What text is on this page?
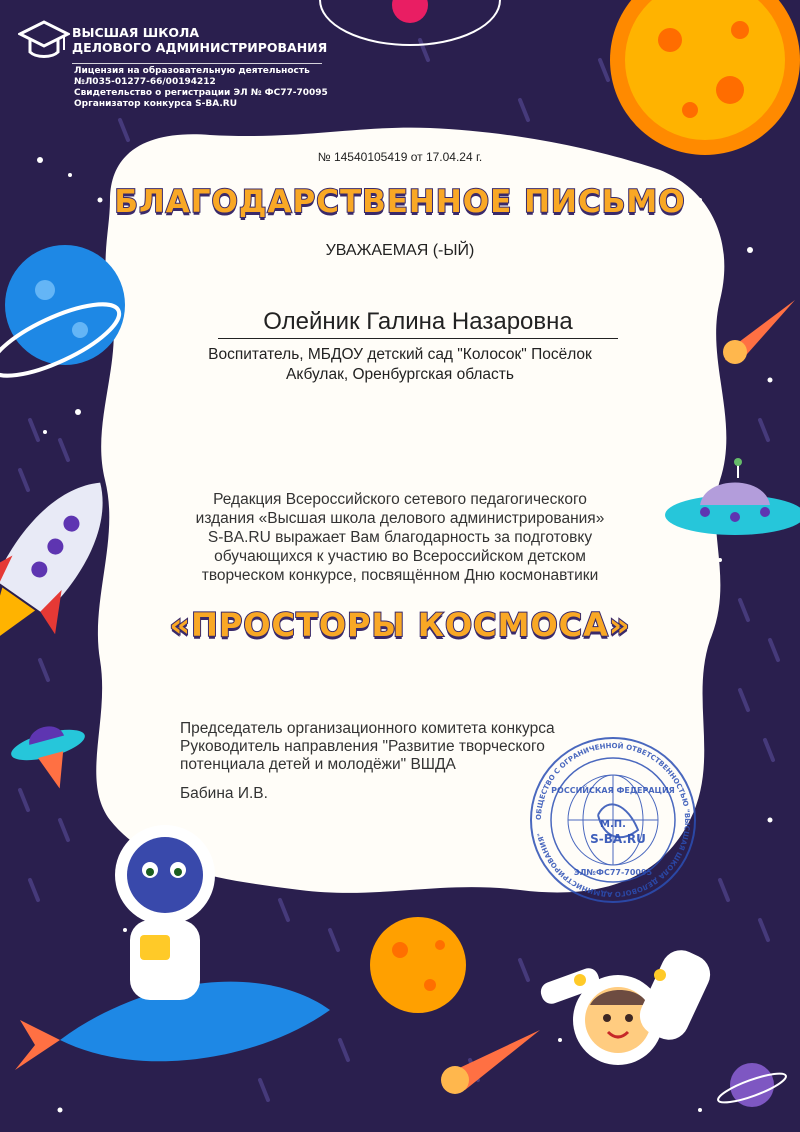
ВЫСШАЯ ШКОЛА
ДЕЛОВОГО АДМИНИСТРИРОВАНИЯ
Лицензия на образовательную деятельность
№Л035-01277-66/00194212
Свидетельство о регистрации ЭЛ № ФС77-70095
Организатор конкурса S-BA.RU
№ 14540105419 от 17.04.24 г.
БЛАГОДАРСТВЕННОЕ ПИСЬМО
УВАЖАЕМАЯ (-ЫЙ)
Олейник Галина Назаровна
Воспитатель, МБДОУ детский сад "Колосок" Посёлок
Акбулак, Оренбургская область
Редакция Всероссийского сетевого педагогического
издания «Высшая школа делового администрирования»
S-BA.RU выражает Вам благодарность за подготовку
обучающихся к участию во Всероссийском детском
творческом конкурсе, посвящённом Дню космонавтики
«ПРОСТОРЫ КОСМОСА»
Председатель организационного комитета конкурса
Руководитель направления "Развитие творческого
потенциала детей и молодёжи" ВШДА
Бабина И.В.
ОБЩЕСТВО С ОГРАНИЧЕННОЙ ОТВЕТСТВЕННОСТЬЮ "ВЫСШАЯ ШКОЛА ДЕЛОВОГО АДМИНИСТРИРОВАНИЯ"
РОССИЙСКАЯ ФЕДЕРАЦИЯ
М.П.
S-BA.RU
ЭЛ№ФС77-70095
